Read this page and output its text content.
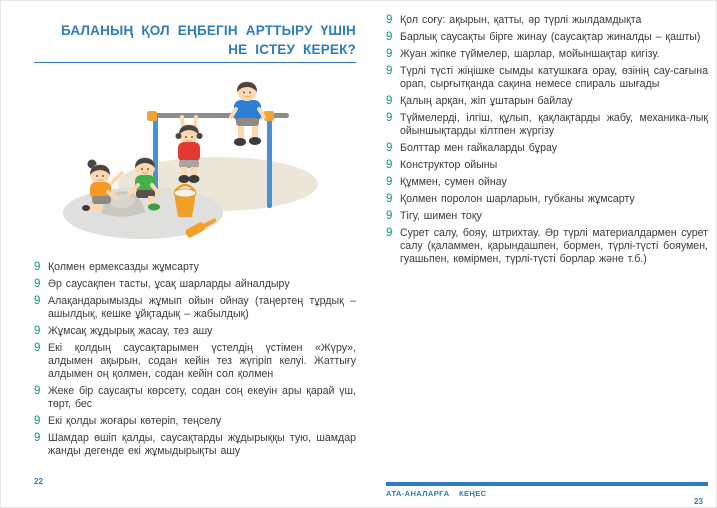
БАЛАНЫҢ ҚОЛ ЕҢБЕГІН АРТТЫРУ ҮШІН НЕ ІСТЕУ КЕРЕК?
9 Қолмен ермексазды жұмсарту
9 Әр саусақпен тасты, ұсақ шарларды айналдыру
9 Алақандарымызды жұмып ойын ойнау (таңертең тұрдық – ашылдық, кешке ұйқтадық – жабылдық)
9 Жұмсақ жұдырық жасау, тез ашу
9 Екі қолдың саусақтарымен үстелдің үстімен «Жүру», алдымен ақырын, содан кейін тез жүгіріп келуі. Жаттығу алдымен оң қолмен, содан кейін сол қолмен
9 Жеке бір саусақты көрсету, содан соң екеуін ары қарай үш, төрт, бес
9 Екі қолды жоғары көтеріп, теңселу
9 Шамдар өшіп қалды, саусақтарды жұдырыққы тую, шамдар жанды дегенде екі жұмыдырықты ашу
9 Қол соғу: ақырын, қатты, әр түрлі жылдамдықта
9 Барлық саусақты бірге жинау (саусақтар жиналды – қашты)
9 Жуан жіпке түймелер, шарлар, мойыншақтар кигізу.
9 Түрлі түсті жіңішке сымды катушкаға орау, өзінің сау-сағына орап, сырғытқанда сақина немесе спираль шығады
9 Қалың арқан, жіп ұштарын байлау
9 Түймелерді, ілгіш, құлып, қақлақтарды жабу, механика-лық ойыншықтарды кілтпен жүргізу
9 Болттар мен гайкаларды бұрау
9 Конструктор ойыны
9 Құммен, сумен ойнау
9 Қолмен поролон шарларын, губканы жұмсарту
9 Тігу, шимен тоқу
9 Сурет салу, бояу, штрихтау. Әр түрлі материалдармен сурет салу (қаламмен, қарындашпен, бормен, түрлі-түсті бояумен, гуашьпен, көмірмен, түрлі-түсті борлар және т.б.)
22
АТА-АНАЛАРҒА КЕҢЕС
23
